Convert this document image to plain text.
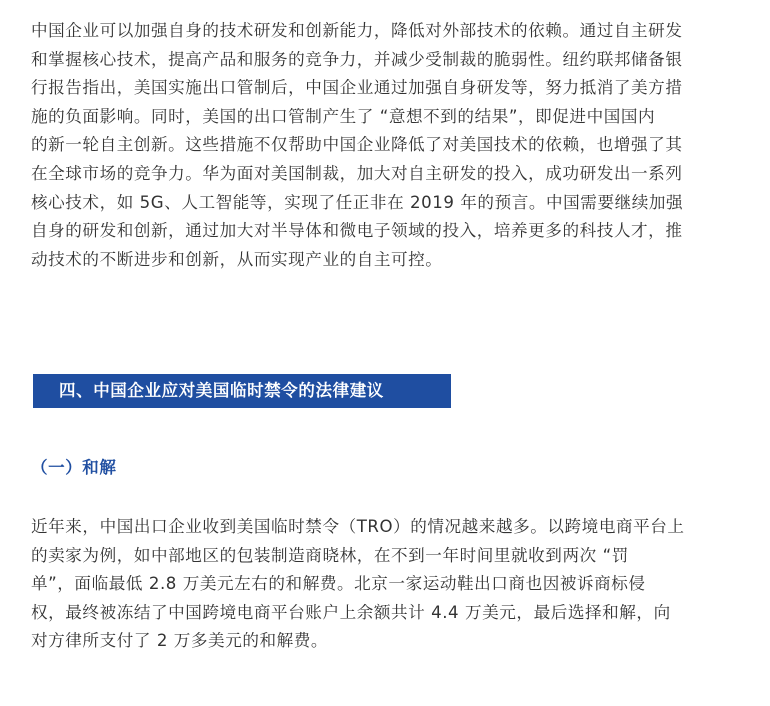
中国企业可以加强自身的技术研发和创新能力，降低对外部技术的依赖。通过自主研发
和掌握核心技术，提高产品和服务的竞争力，并减少受制裁的脆弱性。纽约联邦储备银
行报告指出，美国实施出口管制后，中国企业通过加强自身研发等，努力抵消了美方措
施的负面影响。同时，美国的出口管制产生了 “意想不到的结果”，即促进中国国内
的新一轮自主创新。这些措施不仅帮助中国企业降低了对美国技术的依赖，也增强了其
在全球市场的竞争力。华为面对美国制裁，加大对自主研发的投入，成功研发出一系列
核心技术，如 5G、人工智能等，实现了任正非在 2019 年的预言。中国需要继续加强
自身的研发和创新，通过加大对半导体和微电子领域的投入，培养更多的科技人才，推
动技术的不断进步和创新，从而实现产业的自主可控。
四、中国企业应对美国临时禁令的法律建议
（一）和解
近年来，中国出口企业收到美国临时禁令（TRO）的情况越来越多。以跨境电商平台上
的卖家为例，如中部地区的包装制造商晓林，在不到一年时间里就收到两次 “罚
单”，面临最低 2.8 万美元左右的和解费。北京一家运动鞋出口商也因被诉商标侵
权，最终被冻结了中国跨境电商平台账户上余额共计 4.4 万美元，最后选择和解，向
对方律所支付了 2 万多美元的和解费。
